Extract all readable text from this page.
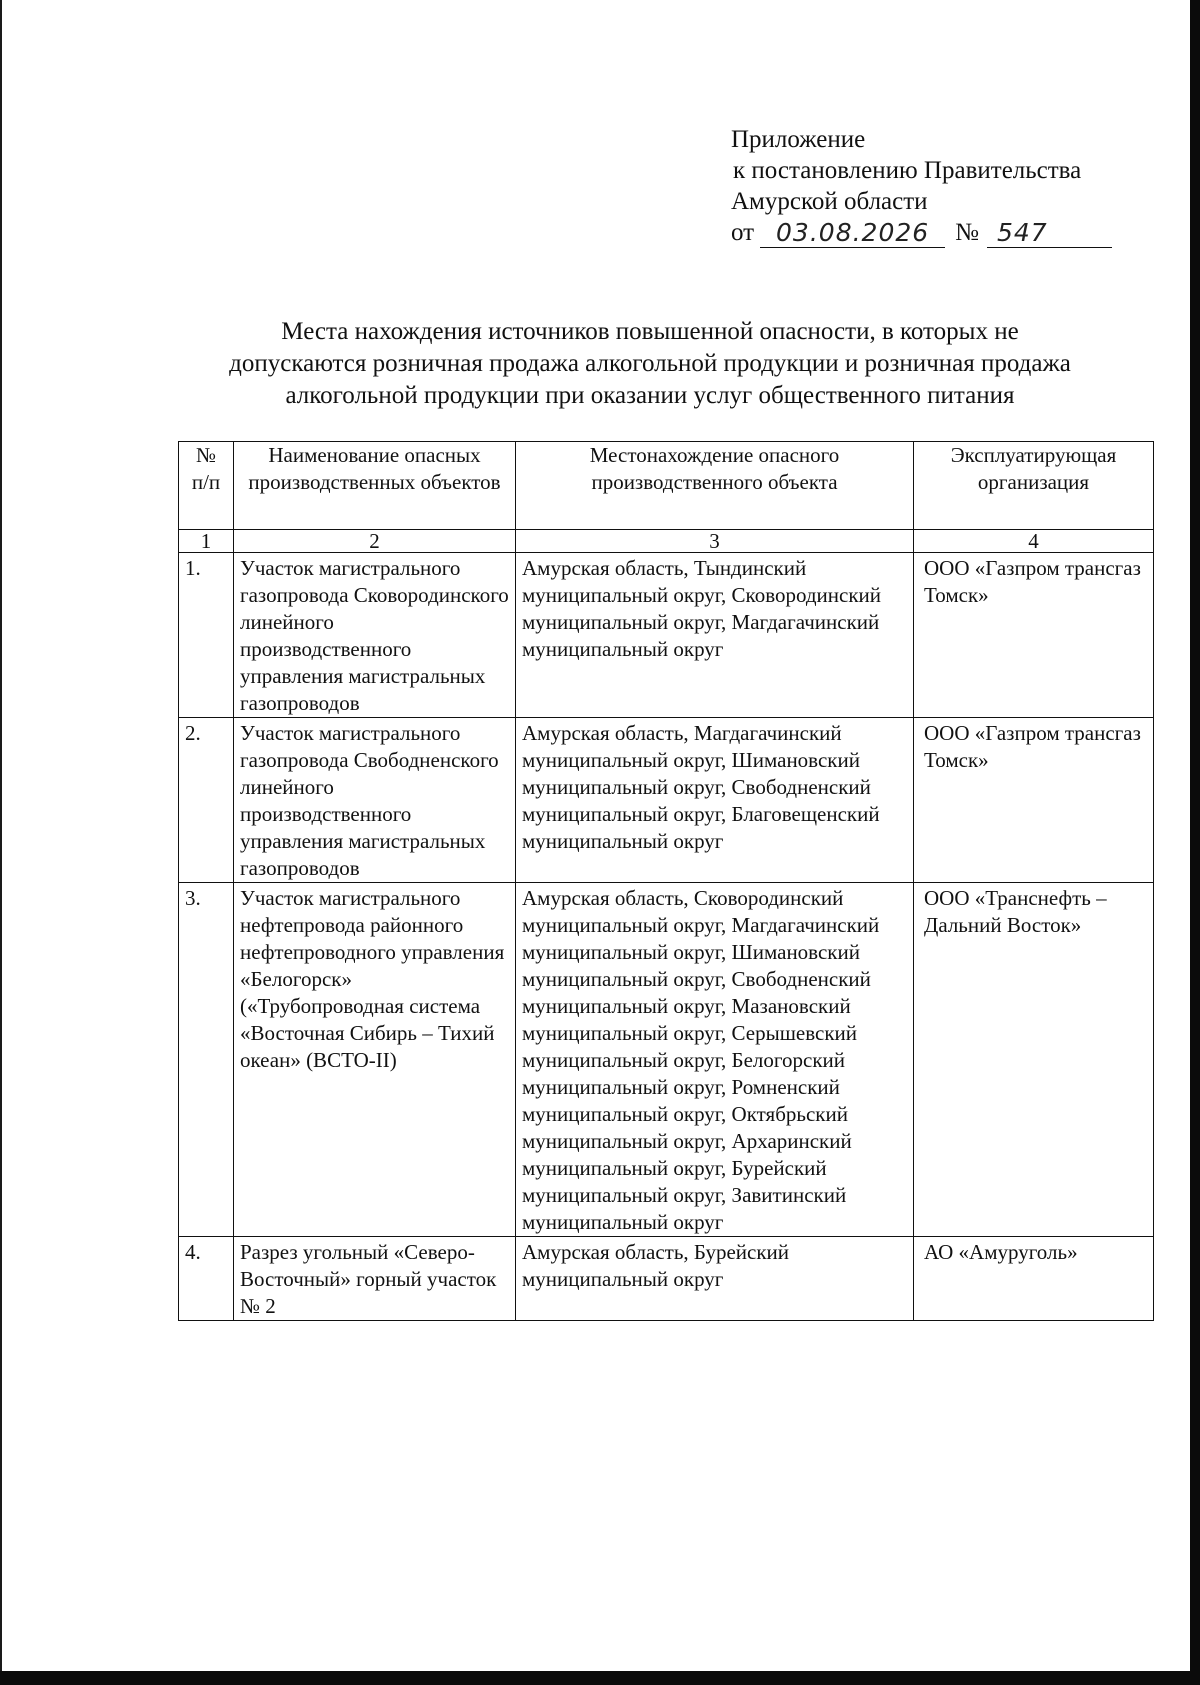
Приложение
к постановлению Правительства
Амурской области
от 03.08.2026	№ 547
Места нахождения источников повышенной опасности, в которых не
допускаются розничная продажа алкогольной продукции и розничная продажа
алкогольной продукции при оказании услуг общественного питания
№ п/п	Наименование опасных производственных объектов	Местонахождение опасного производственного объекта	Эксплуатирующая организация
1	2	3	4
1.	Участок магистрального газопровода Сковородинского линейного производственного управления магистральных газопроводов	Амурская область, Тындинский муниципальный округ, Сковородинский муниципальный округ, Магдагачинский муниципальный округ	ООО «Газпром трансгаз Томск»
2.	Участок магистрального газопровода Свободненского линейного производственного управления магистральных газопроводов	Амурская область, Магдагачинский муниципальный округ, Шимановский муниципальный округ, Свободненский муниципальный округ, Благовещенский муниципальный округ	ООО «Газпром трансгаз Томск»
3.	Участок магистрального нефтепровода районного нефтепроводного управления «Белогорск» («Трубопроводная система «Восточная Сибирь – Тихий океан» (ВСТО-II)	Амурская область, Сковородинский муниципальный округ, Магдагачинский муниципальный округ, Шимановский муниципальный округ, Свободненский муниципальный округ, Мазановский муниципальный округ, Серышевский муниципальный округ, Белогорский муниципальный округ, Ромненский муниципальный округ, Октябрьский муниципальный округ, Архаринский муниципальный округ, Бурейский муниципальный округ, Завитинский муниципальный округ	ООО «Транснефть – Дальний Восток»
4.	Разрез угольный «Северо-Восточный» горный участок № 2	Амурская область, Бурейский муниципальный округ	АО «Амуруголь»
